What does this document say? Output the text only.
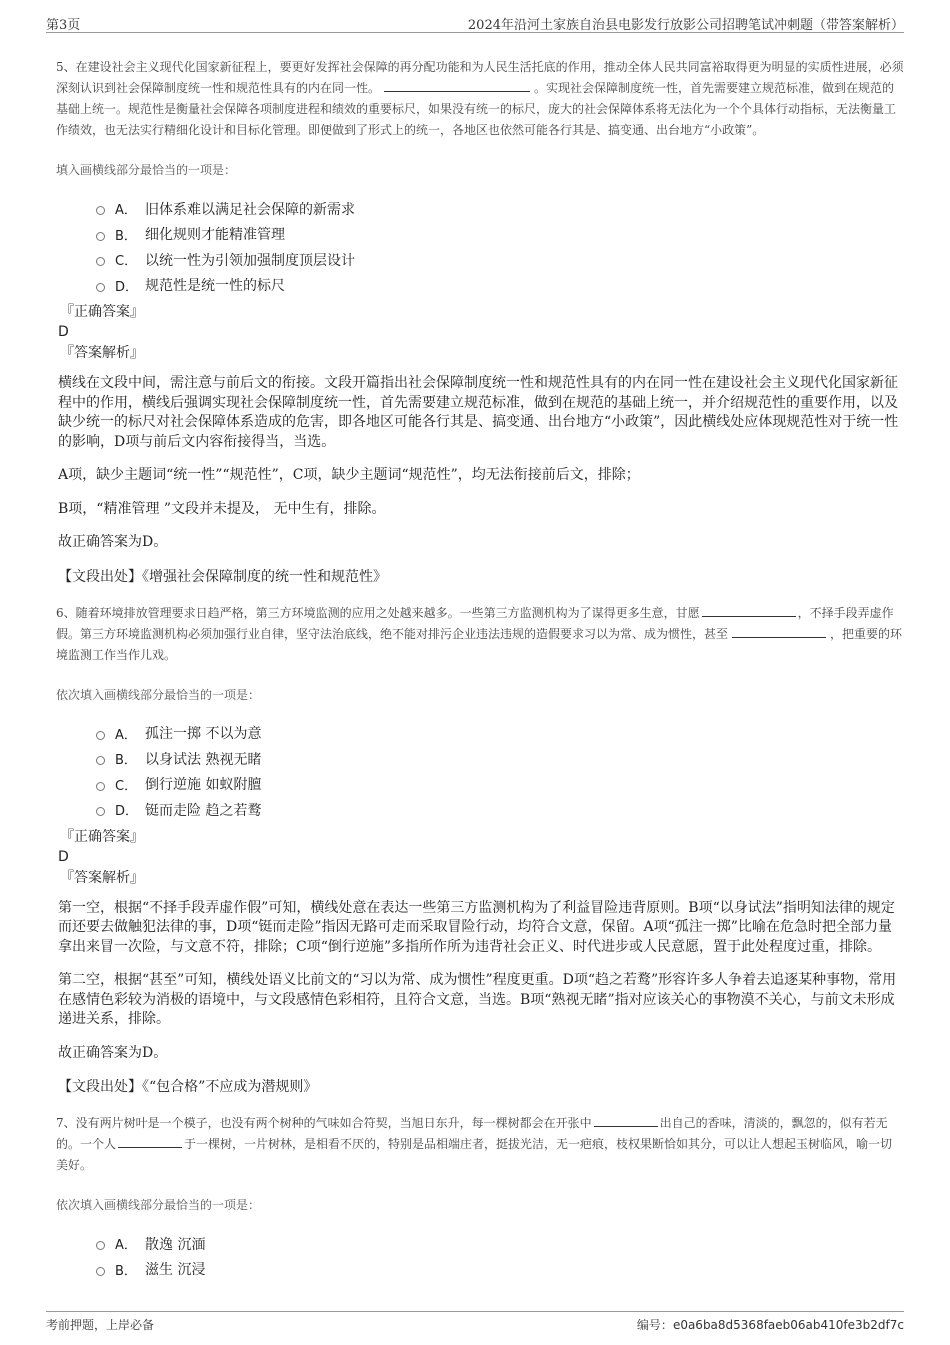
第3页	2024年沿河土家族自治县电影发行放影公司招聘笔试冲刺题（带答案解析）

5、在建设社会主义现代化国家新征程上，要更好发挥社会保障的再分配功能和为人民生活托底的作用，推动全体人民共同富裕取得更为明显的实质性进展，必须深刻认识到社会保障制度统一性和规范性具有的内在同一性。	。实现社会保障制度统一性，首先需要建立规范标准，做到在规范的基础上统一。规范性是衡量社会保障各项制度进程和绩效的重要标尺，如果没有统一的标尺，庞大的社会保障体系将无法化为一个个具体行动指标，无法衡量工作绩效，也无法实行精细化设计和目标化管理。即便做到了形式上的统一，各地区也依然可能各行其是、搞变通、出台地方“小政策”。

填入画横线部分最恰当的一项是：
A． 旧体系难以满足社会保障的新需求
B． 细化规则才能精准管理
C． 以统一性为引领加强制度顶层设计
D． 规范性是统一性的标尺
『正确答案』
D
『答案解析』

横线在文段中间，需注意与前后文的衔接。文段开篇指出社会保障制度统一性和规范性具有的内在同一性在建设社会主义现代化国家新征程中的作用，横线后强调实现社会保障制度统一性，首先需要建立规范标准，做到在规范的基础上统一，并介绍规范性的重要作用，以及缺少统一的标尺对社会保障体系造成的危害，即各地区可能各行其是、搞变通、出台地方“小政策”，因此横线处应体现规范性对于统一性的影响，D项与前后文内容衔接得当，当选。

A项，缺少主题词“统一性”“规范性”，C项，缺少主题词“规范性”，均无法衔接前后文，排除；

B项，“精准管理 ”文段并未提及， 无中生有，排除。

故正确答案为D。

【文段出处】《增强社会保障制度的统一性和规范性》

6、随着环境排放管理要求日趋严格，第三方环境监测的应用之处越来越多。一些第三方监测机构为了谋得更多生意，甘愿	，不择手段弄虚作假。第三方环境监测机构必须加强行业自律，坚守法治底线，绝不能对排污企业违法违规的造假要求习以为常、成为惯性，甚至	，把重要的环境监测工作当作儿戏。

依次填入画横线部分最恰当的一项是：
A． 孤注一掷 不以为意
B． 以身试法 熟视无睹
C． 倒行逆施 如蚁附膻
D． 铤而走险 趋之若鹜
『正确答案』
D
『答案解析』

第一空，根据“不择手段弄虚作假”可知，横线处意在表达一些第三方监测机构为了利益冒险违背原则。B项“以身试法”指明知法律的规定而还要去做触犯法律的事，D项“铤而走险”指因无路可走而采取冒险行动，均符合文意，保留。A项“孤注一掷”比喻在危急时把全部力量拿出来冒一次险，与文意不符，排除；C项“倒行逆施”多指所作所为违背社会正义、时代进步或人民意愿，置于此处程度过重，排除。

第二空，根据“甚至”可知，横线处语义比前文的“习以为常、成为惯性”程度更重。D项“趋之若鹜”形容许多人争着去追逐某种事物，常用在感情色彩较为消极的语境中，与文段感情色彩相符，且符合文意，当选。B项“熟视无睹”指对应该关心的事物漠不关心，与前文未形成递进关系，排除。

故正确答案为D。

【文段出处】《“包合格”不应成为潜规则》

7、没有两片树叶是一个模子，也没有两个树种的气味如合符契，当旭日东升，每一棵树都会在开张中	出自己的香味，清淡的，飘忽的，似有若无的。一个人	于一棵树，一片树林，是相看不厌的，特别是品相端庄者，挺拔光洁，无一疤痕，枝权果断恰如其分，可以让人想起玉树临风，喻一切美好。

依次填入画横线部分最恰当的一项是：
A． 散逸 沉湎
B． 滋生 沉浸
考前押题，上岸必备	编号：e0a6ba8d5368faeb06ab410fe3b2df7c
